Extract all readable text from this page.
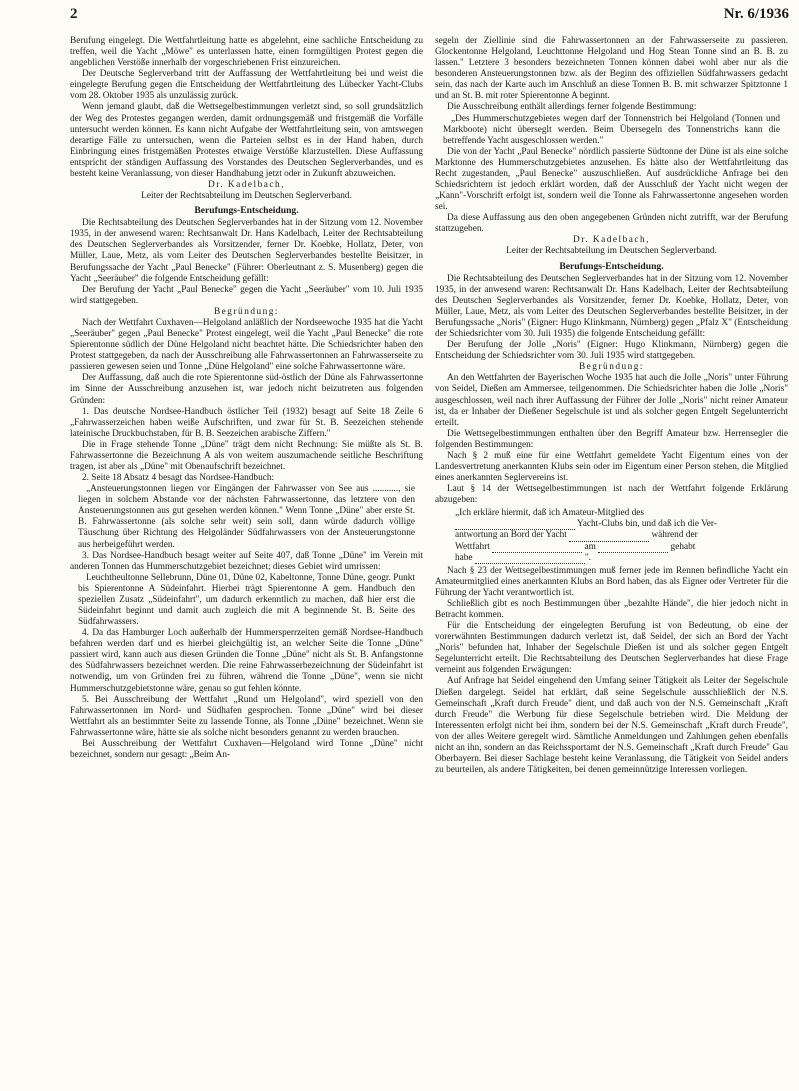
2	Nr. 6/1936

Berufung eingelegt. Die Wettfahrtleitung hatte es abgelehnt, eine sachliche Entscheidung zu treffen, weil die Yacht „Möwe" es unterlassen hatte, einen formgültigen Protest gegen die angeblichen Verstöße innerhalb der vorgeschriebenen Frist einzureichen.

Der Deutsche Seglerverband tritt der Auffassung der Wettfahrtleitung bei und weist die eingelegte Berufung gegen die Entscheidung der Wettfahrtleitung des Lübecker Yacht-Clubs vom 28. Oktober 1935 als unzulässig zurück.

Wenn jemand glaubt, daß die Wettsegelbestimmungen verletzt sind, so soll grundsätzlich der Weg des Protestes gegangen werden, damit ordnungsgemäß und fristgemäß die Vorfälle untersucht werden können. Es kann nicht Aufgabe der Wettfahrtleitung sein, von amtswegen derartige Fälle zu untersuchen, wenn die Parteien selbst es in der Hand haben, durch Einbringung eines fristgemäßen Protestes etwaige Verstöße klarzustellen. Diese Auffassung entspricht der ständigen Auffassung des Vorstandes des Deutschen Seglerverbandes, und es besteht keine Veranlassung, von dieser Handhabung jetzt oder in Zukunft abzuweichen.

Dr. Kadelbach,

Leiter der Rechtsabteilung im Deutschen Seglerverband.

Berufungs-Entscheidung.

Die Rechtsabteilung des Deutschen Seglerverbandes hat in der Sitzung vom 12. November 1935, in der anwesend waren: Rechtsanwalt Dr. Hans Kadelbach, Leiter der Rechtsabteilung des Deutschen Seglerverbandes als Vorsitzender, ferner Dr. Koebke, Hollatz, Deter, von Müller, Laue, Metz, als vom Leiter des Deutschen Seglerverbandes bestellte Beisitzer, in Berufungssache der Yacht „Paul Benecke" (Führer: Oberleutnant z. S. Musenberg) gegen die Yacht „Seeräuber" die folgende Entscheidung gefällt:

Der Berufung der Yacht „Paul Benecke" gegen die Yacht „Seeräuber" vom 10. Juli 1935 wird stattgegeben.

Begründung:

Nach der Wettfahrt Cuxhaven—Helgoland anläßlich der Nordseewoche 1935 hat die Yacht „Seeräuber" gegen „Paul Benecke" Protest eingelegt, weil die Yacht „Paul Benecke" die rote Spierentonne südlich der Düne Helgoland nicht beachtet hätte. Die Schiedsrichter haben den Protest stattgegeben, da nach der Ausschreibung alle Fahrwassertonnen an Fahrwasserseite zu passieren gewesen seien und Tonne „Düne Helgoland" eine solche Fahrwassertonne wäre.

Der Auffassung, daß auch die rote Spierentonne süd-östlich der Düne als Fahrwassertonne im Sinne der Ausschreibung anzusehen ist, war jedoch nicht beizutreten aus folgenden Gründen:

1. Das deutsche Nordsee-Handbuch östlicher Teil (1932) besagt auf Seite 18 Zeile 6 „Fahrwasserzeichen haben weiße Aufschriften, und zwar für St. B. Seezeichen stehende lateinische Druckbuchstaben, für B. B. Seezeichen arabische Ziffern."

Die in Frage stehende Tonne „Düne" trägt dem nicht Rechnung: Sie müßte als St. B. Fahrwassertonne die Bezeichnung A als von weitem auszumachende seitliche Beschriftung tragen, ist aber als „Düne" mit Obenaufschrift bezeichnet.

2. Seite 18 Absatz 4 besagt das Nordsee-Handbuch:

„Ansteuerungstonnen liegen vor Eingängen der Fahrwasser von See aus ..........., sie liegen in solchem Abstande vor der nächsten Fahrwassertonne, das letztere von den Ansteuerungstonnen aus gut gesehen werden können." Wenn Tonne „Düne" aber erste St. B. Fahrwassertonne (als solche sehr weit) sein soll, dann würde dadurch völlige Täuschung über Richtung des Helgoländer Südfahrwassers von der Ansteuerungstonne aus herbeigeführt werden.

3. Das Nordsee-Handbuch besagt weiter auf Seite 407, daß Tonne „Düne" im Verein mit anderen Tonnen das Hummerschutzgebiet bezeichnet; dieses Gebiet wird umrissen:

Leuchtheultonne Sellebrunn, Düne 01, Düne 02, Kabeltonne, Tonne Düne, geogr. Punkt bis Spierentonne A Südeinfahrt. Hierbei trägt Spierentonne A gem. Handbuch den speziellen Zusatz „Südeinfahrt", um dadurch erkenntlich zu machen, daß hier erst die Südeinfahrt beginnt und damit auch zugleich die mit A beginnende St. B. Seite des Südfahrwassers.

4. Da das Hamburger Loch außerhalb der Hummersperrzeiten gemäß Nordsee-Handbuch befahren werden darf und es hierbei gleichgültig ist, an welcher Seite die Tonne „Düne" passiert wird, kann auch aus diesen Gründen die Tonne „Düne" nicht als St. B. Anfangstonne des Südfahrwassers bezeichnet werden. Die reine Fahrwasserbezeichnung der Südeinfahrt ist notwendig, um von Gründen frei zu führen, während die Tonne „Düne", wenn sie nicht Hummerschutzgebietstonne wäre, genau so gut fehlen könnte.

5. Bei Ausschreibung der Wettfahrt „Rund um Helgoland", wird speziell von den Fahrwassertonnen im Nord- und Südhafen gesprochen. Tonne „Düne" wird bei dieser Wettfahrt als an bestimmter Seite zu lassende Tonne, als Tonne „Düne" bezeichnet. Wenn sie Fahrwassertonne wäre, hätte sie als solche nicht besonders genannt zu werden brauchen.

Bei Ausschreibung der Wettfahrt Cuxhaven—Helgoland wird Tonne „Düne" nicht bezeichnet, sondern nur gesagt: „Beim An-

segeln der Ziellinie sind die Fahrwassertonnen an der Fahrwasserseite zu passieren. Glockentonne Helgoland, Leuchttonne Helgoland und Hog Stean Tonne sind an B. B. zu lassen." Letztere 3 besonders bezeichneten Tonnen können dabei wohl aber nur als die besonderen Ansteuerungstonnen bzw. als der Beginn des offiziellen Südfahrwassers gedacht sein, das nach der Karte auch im Anschluß an diese Tonnen B. B. mit schwarzer Spitztonne 1 und an St. B. mit roter Spierentonne A beginnt.

Die Ausschreibung enthält allerdings ferner folgende Bestimmung:

„Des Hummerschutzgebietes wegen darf der Tonnenstrich bei Helgoland (Tonnen und Markboote) nicht überseglt werden. Beim Übersegeln des Tonnenstrichs kann die betreffende Yacht ausgeschlossen werden."

Die von der Yacht „Paul Benecke" nördlich passierte Südtonne der Düne ist als eine solche Marktonne des Hummerschutzgebietes anzusehen. Es hätte also der Wettfahrtleitung das Recht zugestanden, „Paul Benecke" auszuschließen. Auf ausdrückliche Anfrage bei den Schiedsrichtern ist jedoch erklärt worden, daß der Ausschluß der Yacht nicht wegen der „Kann"-Vorschrift erfolgt ist, sondern weil die Tonne als Fahrwassertonne angesehen worden sei.

Da diese Auffassung aus den oben angegebenen Gründen nicht zutrifft, war der Berufung stattzugeben.

Dr. Kadelbach,

Leiter der Rechtsabteilung im Deutschen Seglerverband.

Berufungs-Entscheidung.

Die Rechtsabteilung des Deutschen Seglerverbandes hat in der Sitzung vom 12. November 1935, in der anwesend waren: Rechtsanwalt Dr. Hans Kadelbach, Leiter der Rechtsabteilung des Deutschen Seglerverbandes als Vorsitzender, ferner Dr. Koebke, Hollatz, Deter, von Müller, Laue, Metz, als vom Leiter des Deutschen Seglerverbandes bestellte Beisitzer, in der Berufungssache „Noris" (Eigner: Hugo Klinkmann, Nürnberg) gegen „Pfalz X" (Entscheidung der Schiedsrichter vom 30. Juli 1935) die folgende Entscheidung gefällt:

Der Berufung der Jolle „Noris" (Eigner: Hugo Klinkmann, Nürnberg) gegen die Entscheidung der Schiedsrichter vom 30. Juli 1935 wird stattgegeben.

Begründung:

An den Wettfahrten der Bayerischen Woche 1935 hat auch die Jolle „Noris" unter Führung von Seidel, Dießen am Ammersee, teilgenommen. Die Schiedsrichter haben die Jolle „Noris" ausgeschlossen, weil nach ihrer Auffassung der Führer der Jolle „Noris" nicht reiner Amateur ist, da er Inhaber der Dießener Segelschule ist und als solcher gegen Entgelt Segelunterricht erteilt.

Die Wettsegelbestimmungen enthalten über den Begriff Amateur bzw. Herrensegler die folgenden Bestimmungen:

Nach § 2 muß eine für eine Wettfahrt gemeldete Yacht Eigentum eines von der Landesvertretung anerkannten Klubs sein oder im Eigentum einer Person stehen, die Mitglied eines anerkannten Seglervereins ist.

Laut § 14 der Wettsegelbestimmungen ist nach der Wettfahrt folgende Erklärung abzugeben:

„Ich erkläre hiermit, daß ich Amateur-Mitglied des
Yacht-Clubs bin, und daß ich die Ver-
antwortung an Bord der Yacht	während der
Wettfahrt	am	gehabt
habe	".

Nach § 23 der Wettsegelbestimmungen muß ferner jede im Rennen befindliche Yacht ein Amateurmitglied eines anerkannten Klubs an Bord haben, das als Eigner oder Vertreter für die Führung der Yacht verantwortlich ist.

Schließlich gibt es noch Bestimmungen über „bezahlte Hände", die hier jedoch nicht in Betracht kommen.

Für die Entscheidung der eingelegten Berufung ist von Bedeutung, ob eine der vorerwähnten Bestimmungen dadurch verletzt ist, daß Seidel, der sich an Bord der Yacht „Noris" befunden hat, Inhaber der Segelschule Dießen ist und als solcher gegen Entgelt Segelunterricht erteilt. Die Rechtsabteilung des Deutschen Seglerverbandes hat diese Frage verneint aus folgenden Erwägungen:

Auf Anfrage hat Seidel eingehend den Umfang seiner Tätigkeit als Leiter der Segelschule Dießen dargelegt. Seidel hat erklärt, daß seine Segelschule ausschließlich der N.S. Gemeinschaft „Kraft durch Freude" dient, und daß auch von der N.S. Gemeinschaft „Kraft durch Freude" die Werbung für diese Segelschule betrieben wird. Die Meldung der Interessenten erfolgt nicht bei ihm, sondern bei der N.S. Gemeinschaft „Kraft durch Freude", von der alles Weitere geregelt wird. Sämtliche Anmeldungen und Zahlungen gehen ebenfalls nicht an ihn, sondern an das Reichssportamt der N.S. Gemeinschaft „Kraft durch Freude" Gau Oberbayern. Bei dieser Sachlage besteht keine Veranlassung, die Tätigkeit von Seidel anders zu beurteilen, als andere Tätigkeiten, bei denen gemeinnützige Interessen vorliegen.
